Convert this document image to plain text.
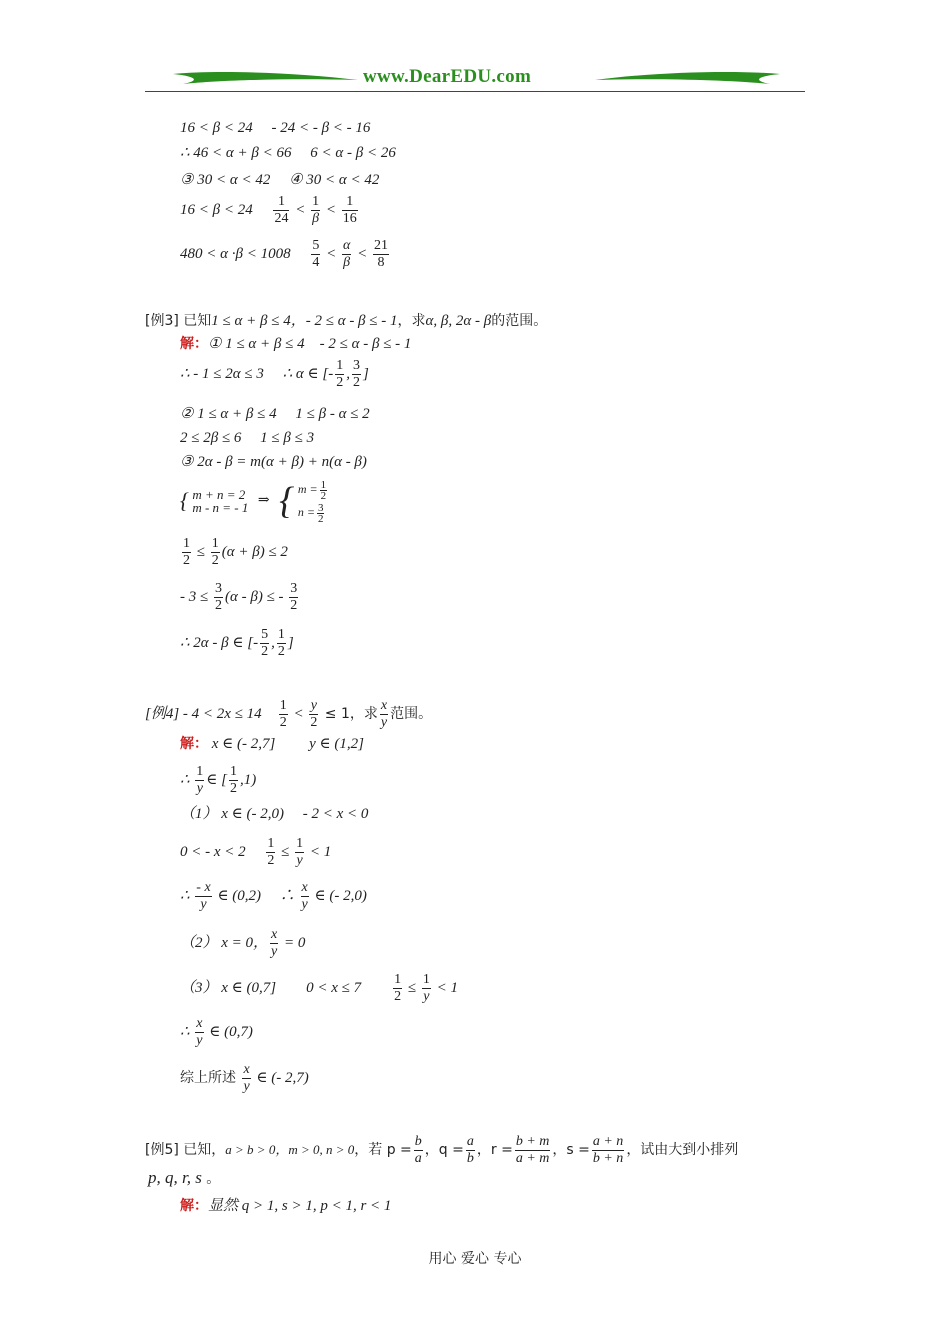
www.DearEDU.com
16 < β < 24　 - 24 < - β < - 16
∴ 46 < α + β < 66　 6 < α - β < 26
③ 30 < α < 42　 ④ 30 < α < 42
16 < β < 24　 $\frac{1}{24} < \frac{1}{\beta} < \frac{1}{16}$
480 < α ·β < 1008　 $\frac{5}{4} < \frac{\alpha}{\beta} < \frac{21}{8}$
[例3] 已知1 ≤ α + β ≤ 4，- 2 ≤ α - β ≤ - 1，求α, β, 2α - β的范围。
解：① 1 ≤ α + β ≤ 4　- 2 ≤ α - β ≤ - 1
∴ - 1 ≤ 2α ≤ 3　 ∴ α ∈ [- $\frac{1}{2}$ , $\frac{3}{2}$ ]
② 1 ≤ α + β ≤ 4　 1 ≤ β - α ≤ 2
2 ≤ 2β ≤ 6　 1 ≤ β ≤ 3
③ 2α - β = m(α + β) + n(α - β)
{ m + n = 2
m - n = - 1 ⇒ { $m = \frac{1}{2}$
$n = \frac{3}{2}$
$\frac{1}{2} \le \frac{1}{2} (\alpha + \beta) \le 2$
- $3 \le \frac{3}{2} (\alpha - \beta)$ ≤ - $\frac{3}{2}$
∴ 2α - β ∈ [- $\frac{5}{2}$ , $\frac{1}{2}$ ]
[例4] - 4 < 2x ≤ 14　 $\frac{1}{2} < \frac{y}{2} \le 1$，求 $\frac{x}{y}$ 范围。
解： x ∈ (- 2,7]　　 y ∈ (1,2]
∴ $\frac{1}{y}$ ∈ [ $\frac{1}{2} ,1$)
（1） x ∈ (- 2,0)　 - 2 < x < 0
0 < - x < 2　 $\frac{1}{2} \le \frac{1}{y} < 1$
∴ $\frac{- x}{y}$ ∈ (0,2)　 ∴ $\frac{x}{y}$ ∈ (- 2,0)
（2） x = 0， $\frac{x}{y} = 0$
（3） x ∈ (0,7]　　0 < x ≤ 7　　 $\frac{1}{2} \le \frac{1}{y} < 1$
∴ $\frac{x}{y}$ ∈ (0,7)
综上所述 $\frac{x}{y}$ ∈ (- 2,7)
[例5] 已知，a > b > 0，m > 0, n > 0，若 $p = \frac{b}{a}$ ，$q = \frac{a}{b}$ ，$r = \frac{b + m}{a + m}$ ，$s = \frac{a + n}{b + n}$ ，试由大到小排列
p, q, r, s 。
解：显然 q > 1, s > 1, p < 1, r < 1
用心 爱心 专心
